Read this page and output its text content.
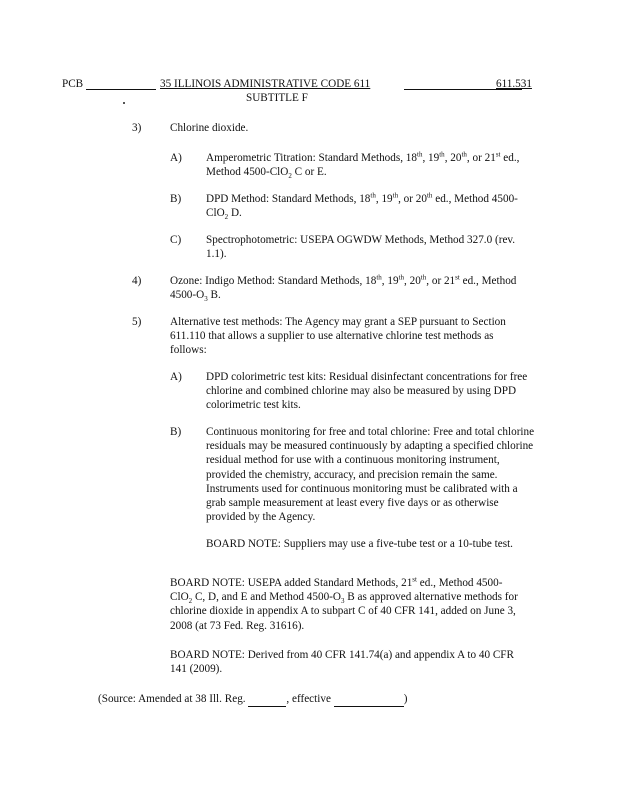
PCB	35 ILLINOIS ADMINISTRATIVE CODE 611
SUBTITLE F
611.531
3)	Chlorine dioxide.
A)	Amperometric Titration: Standard Methods, 18th, 19th, 20th, or 21st ed., Method 4500-ClO$_2$ C or E.
B)	DPD Method: Standard Methods, 18th, 19th, or 20th ed., Method 4500-ClO$_2$ D.
C)	Spectrophotometric: USEPA OGWDW Methods, Method 327.0 (rev. 1.1).
4)	Ozone: Indigo Method: Standard Methods, 18th, 19th, 20th, or 21st ed., Method $4500-O_3$ B.
5)	Alternative test methods: The Agency may grant a SEP pursuant to Section 611.110 that allows a supplier to use alternative chlorine test methods as follows:
A)	DPD colorimetric test kits: Residual disinfectant concentrations for free chlorine and combined chlorine may also be measured by using DPD colorimetric test kits.
B)	Continuous monitoring for free and total chlorine: Free and total chlorine residuals may be measured continuously by adapting a specified chlorine residual method for use with a continuous monitoring instrument, provided the chemistry, accuracy, and precision remain the same. Instruments used for continuous monitoring must be calibrated with a grab sample measurement at least every five days or as otherwise provided by the Agency.
BOARD NOTE: Suppliers may use a five-tube test or a 10-tube test.
BOARD NOTE: USEPA added Standard Methods, 21st ed., Method 4500-ClO$_2$ C, D, and E and Method $4500-O_3$ B as approved alternative methods for chlorine dioxide in appendix A to subpart C of 40 CFR 141, added on June 3, 2008 (at 73 Fed. Reg. 31616).
BOARD NOTE: Derived from 40 CFR 141.74(a) and appendix A to 40 CFR 141 (2009).
(Source: Amended at 38 Ill. Reg.	, effective	)
